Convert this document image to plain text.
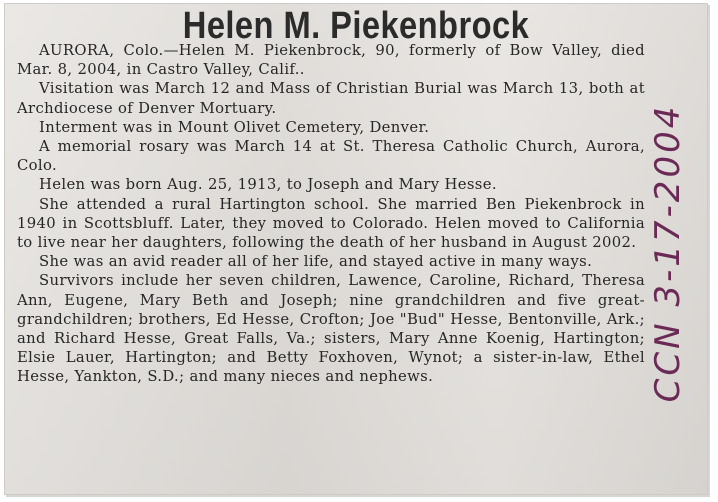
Helen M. Piekenbrock

AURORA, Colo.—Helen M. Piekenbrock, 90, formerly of Bow Valley, died Mar. 8, 2004, in Castro Valley, Calif..

Visitation was March 12 and Mass of Christian Burial was March 13, both at Archdiocese of Denver Mortuary.

Interment was in Mount Olivet Cemetery, Denver.

A memorial rosary was March 14 at St. Theresa Catholic Church, Aurora, Colo.

Helen was born Aug. 25, 1913, to Joseph and Mary Hesse.

She attended a rural Hartington school. She married Ben Piekenbrock in 1940 in Scottsbluff. Later, they moved to Colorado. Helen moved to California to live near her daughters, following the death of her husband in August 2002.

She was an avid reader all of her life, and stayed active in many ways.

Survivors include her seven children, Lawence, Caroline, Richard, Theresa Ann, Eugene, Mary Beth and Joseph; nine grandchildren and five great-grandchildren; brothers, Ed Hesse, Crofton; Joe "Bud" Hesse, Bentonville, Ark.; and Richard Hesse, Great Falls, Va.; sisters, Mary Anne Koenig, Hartington; Elsie Lauer, Hartington; and Betty Foxhoven, Wynot; a sister-in-law, Ethel Hesse, Yankton, S.D.; and many nieces and nephews.	CCN 3-17-2004
